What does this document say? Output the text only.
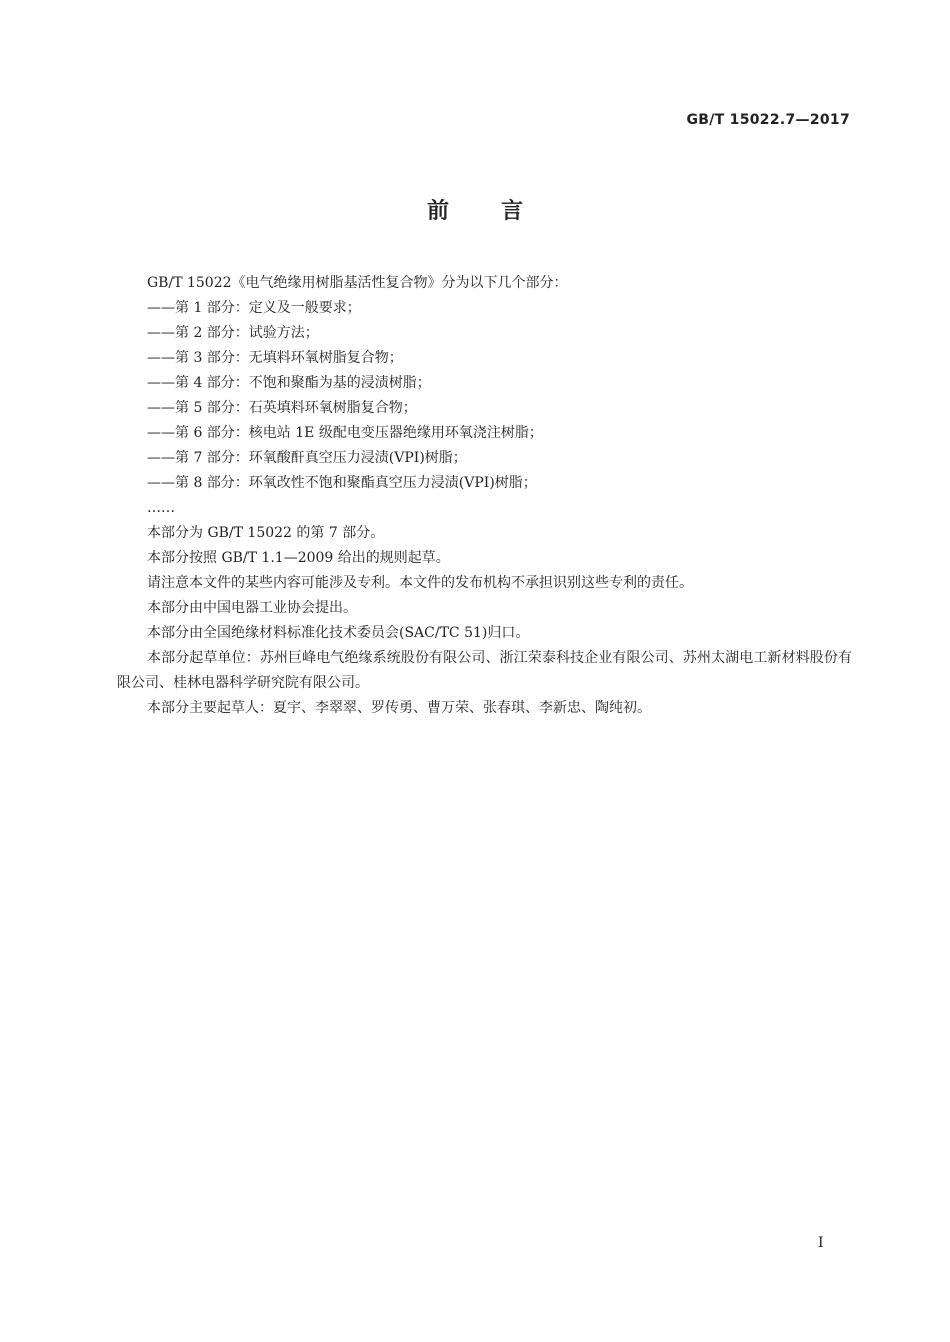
GB/T 15022.7—2017
前言

GB/T 15022《电气绝缘用树脂基活性复合物》分为以下几个部分：

——第 1 部分：定义及一般要求；

——第 2 部分：试验方法；

——第 3 部分：无填料环氧树脂复合物；

——第 4 部分：不饱和聚酯为基的浸渍树脂；

——第 5 部分：石英填料环氧树脂复合物；

——第 6 部分：核电站 1E 级配电变压器绝缘用环氧浇注树脂；

——第 7 部分：环氧酸酐真空压力浸渍(VPI)树脂；

——第 8 部分：环氧改性不饱和聚酯真空压力浸渍(VPI)树脂；

……

本部分为 GB/T 15022 的第 7 部分。

本部分按照 GB/T 1.1—2009 给出的规则起草。

请注意本文件的某些内容可能涉及专利。本文件的发布机构不承担识别这些专利的责任。

本部分由中国电器工业协会提出。

本部分由全国绝缘材料标准化技术委员会(SAC/TC 51)归口。

本部分起草单位：苏州巨峰电气绝缘系统股份有限公司、浙江荣泰科技企业有限公司、苏州太湖电工新材料股份有限公司、桂林电器科学研究院有限公司。

本部分主要起草人：夏宇、李翠翠、罗传勇、曹万荣、张春琪、李新忠、陶纯初。

I
